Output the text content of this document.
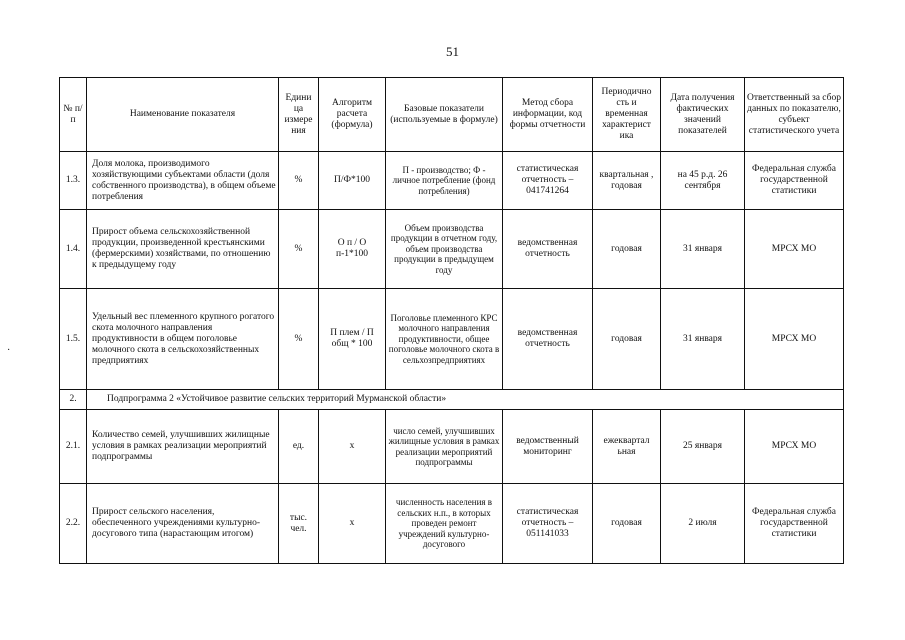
51
·
№ п/п	Наименование показателя	Едини ца измере ния	Алгоритм расчета (формула)	Базовые показатели (используемые в формуле)	Метод сбора информации, код формы отчетности	Периодично сть и временная характерист ика	Дата получения фактических значений показателей	Ответственный за сбор данных по показателю, субъект статистического учета
1.3.	Доля молока, производимого хозяйствующими субъектами области (доля собственного производства), в общем объеме потребления	%	П/Ф*100	П - производство; Ф - личное потребление (фонд потребления)	статистическая отчетность – 041741264	квартальная , годовая	на 45 р.д. 26 сентября	Федеральная служба государственной статистики
1.4.	Прирост объема сельскохозяйственной продукции, произведенной крестьянскими (фермерскими) хозяйствами, по отношению к предыдущему году	%	О п / О п-1*100	Объем производства продукции в отчетном году, объем производства продукции в предыдущем году	ведомственная отчетность	годовая	31 января	МРСХ МО
1.5.	Удельный вес племенного крупного рогатого скота молочного направления продуктивности в общем поголовье молочного скота в сельскохозяйственных предприятиях	%	П плем / П общ * 100	Поголовье племенного КРС молочного направления продуктивности, общее поголовье молочного скота в сельхозпредприятиях	ведомственная отчетность	годовая	31 января	МРСХ МО
2.	Подпрограмма 2 «Устойчивое развитие сельских территорий Мурманской области»							
2.1.	Количество семей, улучшивших жилищные условия в рамках реализации мероприятий подпрограммы	ед.	х	число семей, улучшивших жилищные условия в рамках реализации мероприятий подпрограммы	ведомственный мониторинг	ежеквартал ьная	25 января	МРСХ МО
2.2.	Прирост сельского населения, обеспеченного учреждениями культурно-досугового типа (нарастающим итогом)	тыс. чел.	х	численность населения в сельских н.п., в которых проведен ремонт учреждений культурно-досугового	статистическая отчетность – 051141033	годовая	2 июля	Федеральная служба государственной статистики
